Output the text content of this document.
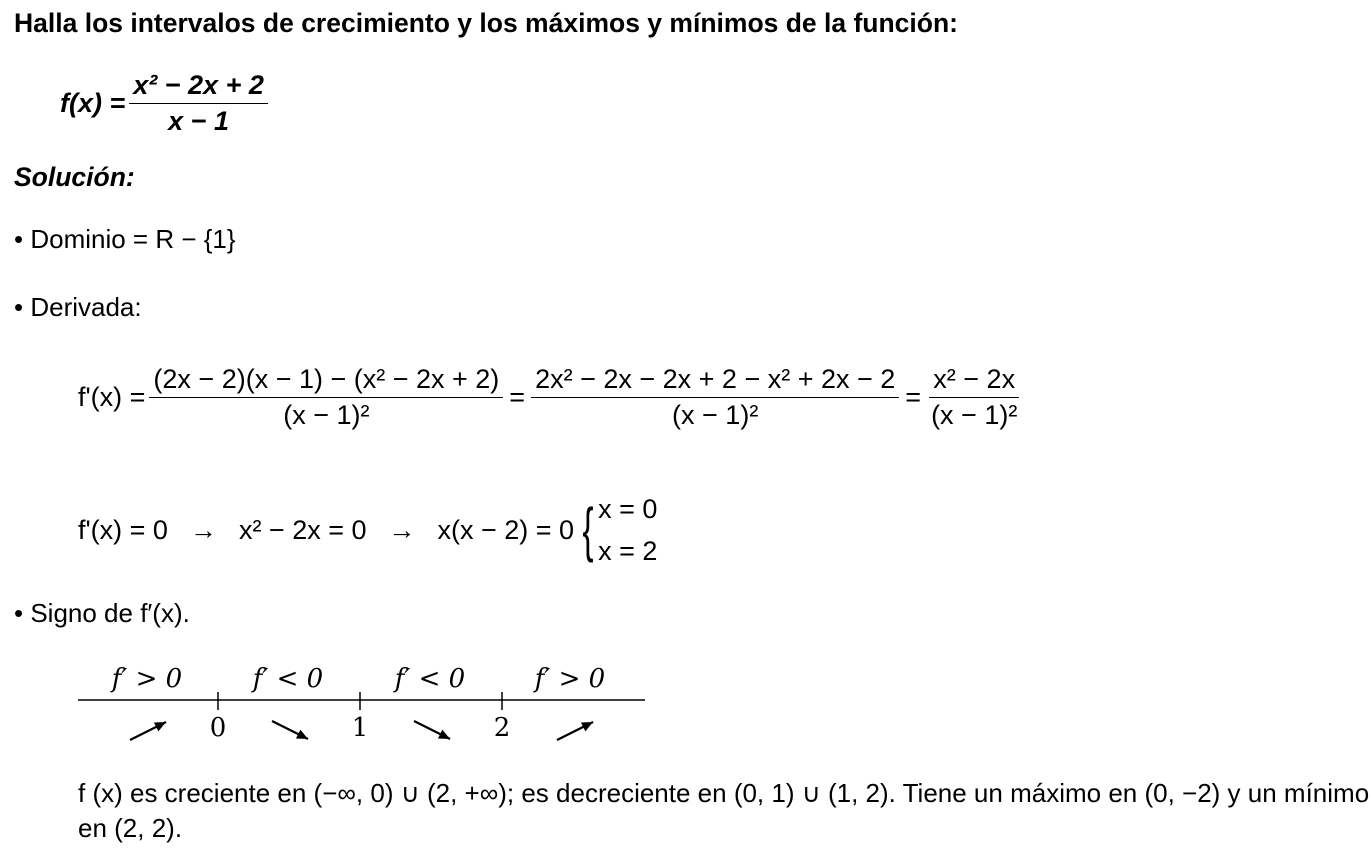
Halla los intervalos de crecimiento y los máximos y mínimos de la función:
$f(x) = \frac{\text{x² − 2x + 2}}{x - 1}$
Solución:
• Dominio = R − {1}
• Derivada:
$f'(x) = \frac{\text{(2x − 2)(x − 1) − (x² − 2x + 2)}}{\text{(x − 1)²}} = \frac{\text{2x² − 2x − 2x + 2 − x² + 2x − 2}}{\text{(x − 1)²}} = \frac{\text{x² − 2x}}{\text{(x − 1)²}}$
f'(x) = 0 → x² − 2x = 0 → x(x − 2) = 0 { x = 0
x = 2
• Signo de f′(x).
f′ > 0	f′ < 0	f′ < 0	f′ > 0
0	1	2
f (x) es creciente en (−∞, 0) ∪ (2, +∞); es decreciente en (0, 1) ∪ (1, 2). Tiene un máximo en (0, −2) y un mínimo en (2, 2).
